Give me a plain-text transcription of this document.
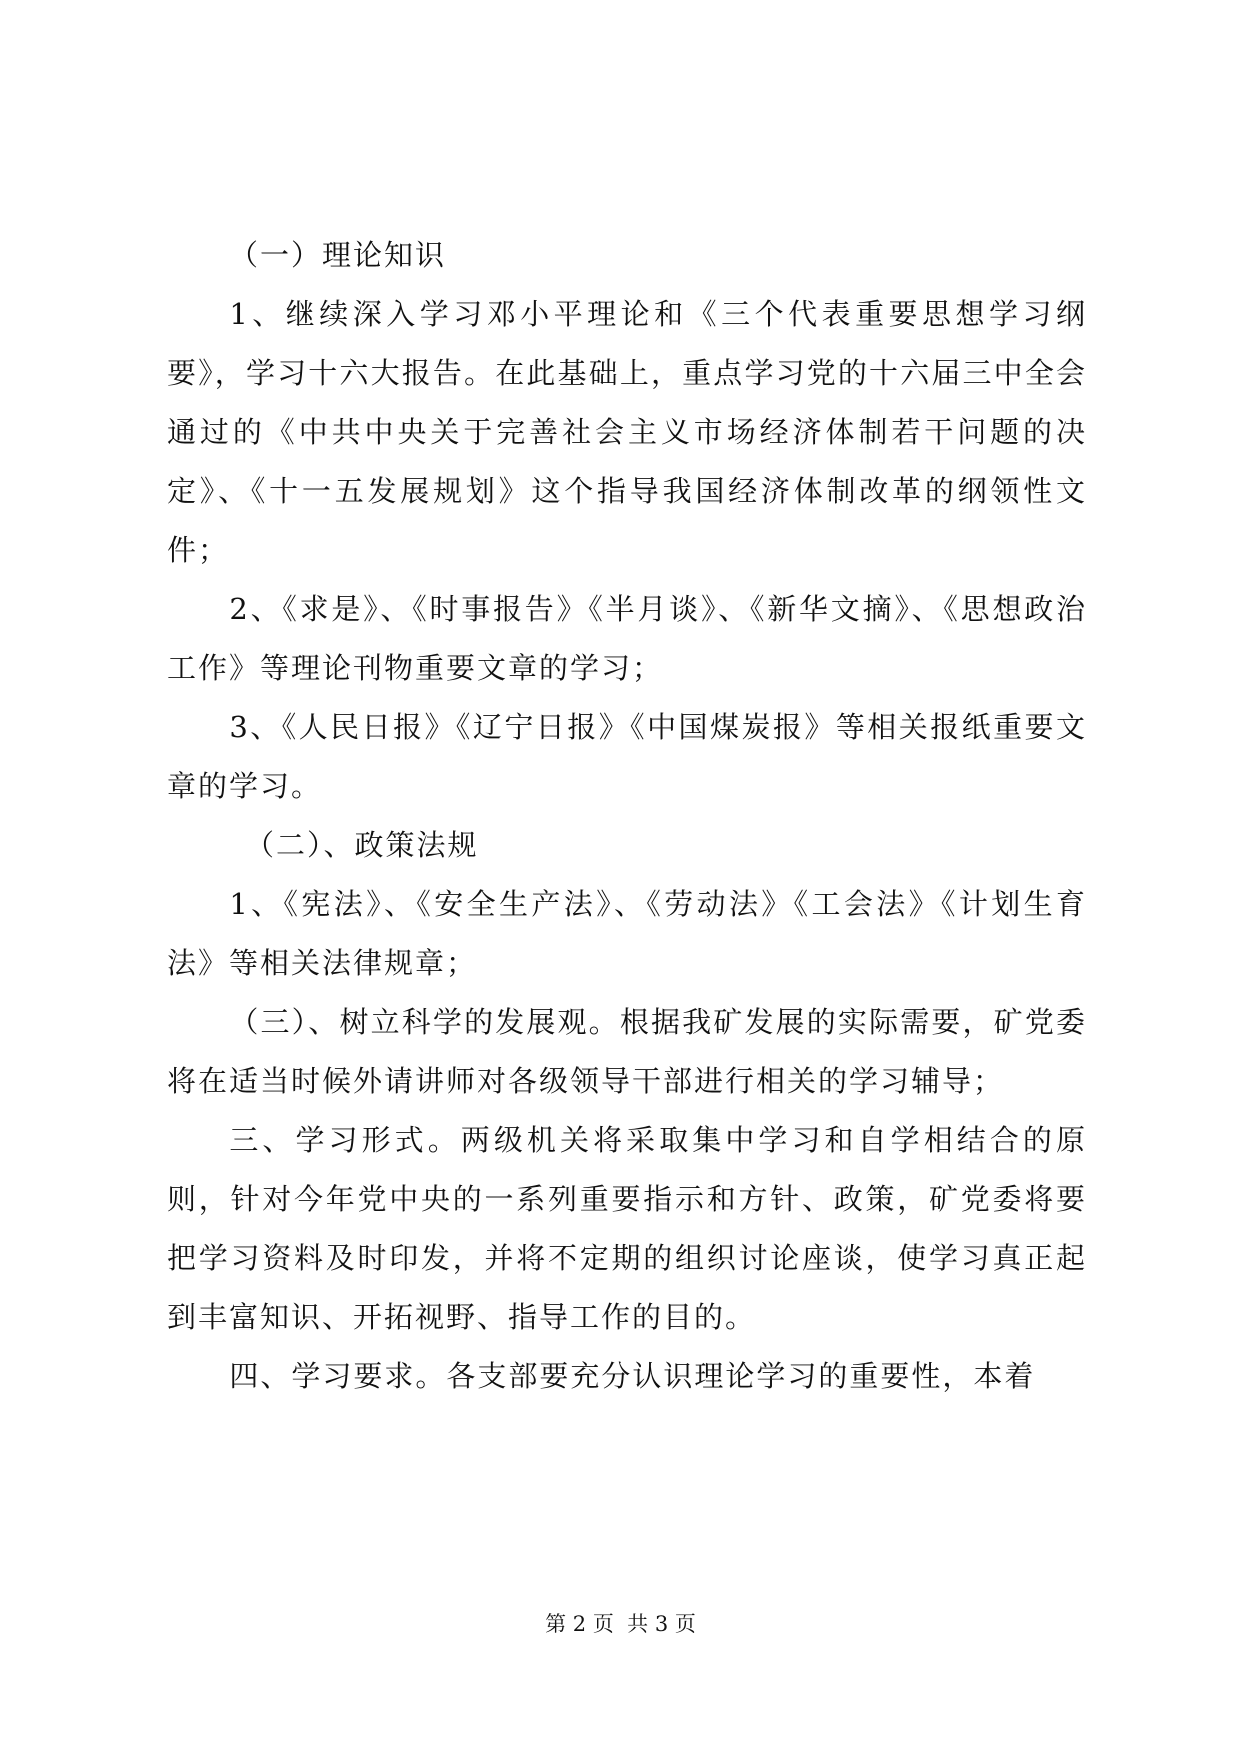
（一）理论知识

1、继续深入学习邓小平理论和《三个代表重要思想学习纲要》，学习十六大报告。在此基础上，重点学习党的十六届三中全会通过的《中共中央关于完善社会主义市场经济体制若干问题的决定》、《十一五发展规划》这个指导我国经济体制改革的纲领性文件；

2、《求是》、《时事报告》《半月谈》、《新华文摘》、《思想政治工作》等理论刊物重要文章的学习；

3、《人民日报》《辽宁日报》《中国煤炭报》等相关报纸重要文章的学习。

（二）、政策法规

1、《宪法》、《安全生产法》、《劳动法》《工会法》《计划生育法》等相关法律规章；

（三）、树立科学的发展观。根据我矿发展的实际需要，矿党委将在适当时候外请讲师对各级领导干部进行相关的学习辅导；

三、学习形式。两级机关将采取集中学习和自学相结合的原则，针对今年党中央的一系列重要指示和方针、政策，矿党委将要把学习资料及时印发，并将不定期的组织讨论座谈，使学习真正起到丰富知识、开拓视野、指导工作的目的。

四、学习要求。各支部要充分认识理论学习的重要性，本着

第 2 页  共 3 页
